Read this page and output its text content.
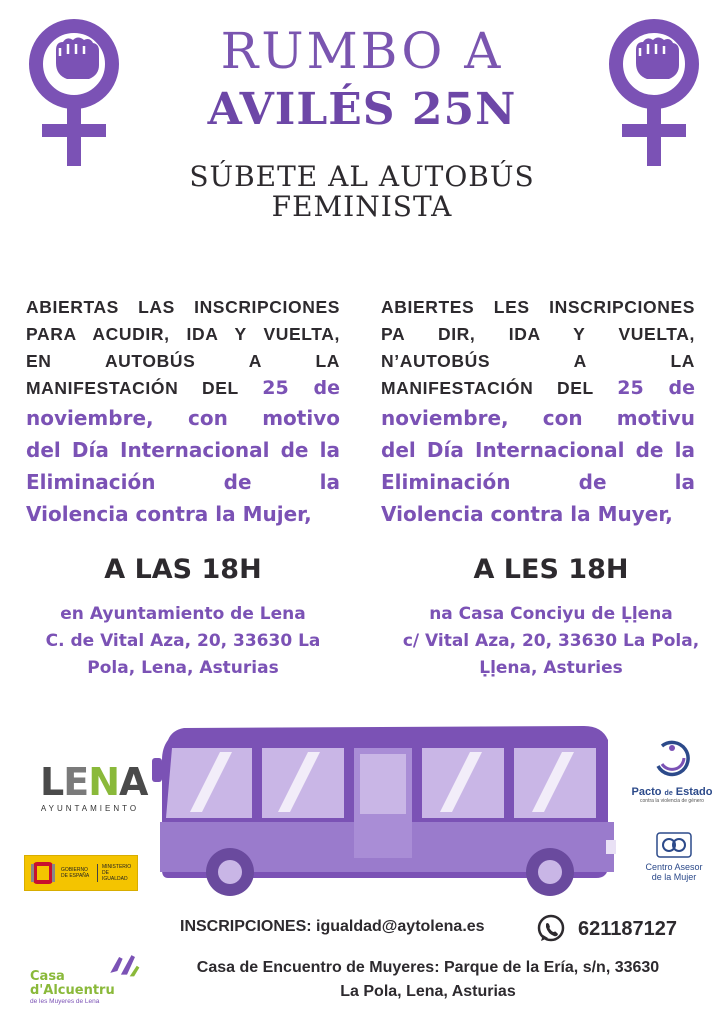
RUMBO A
AVILÉS 25N
SÚBETE AL AUTOBÚS
FEMINISTA
ABIERTAS LAS INSCRIPCIONES
PARA ACUDIR, IDA Y VUELTA,
EN AUTOBÚS A LA
MANIFESTACIÓN DEL 25 de
noviembre, con motivo
del Día Internacional de la
Eliminación de la
Violencia contra la Mujer,
A LAS 18H
en Ayuntamiento de Lena
C. de Vital Aza, 20, 33630 La
Pola, Lena, Asturias
ABIERTES LES INSCRIPCIONES
PA DIR, IDA Y VUELTA,
N’AUTOBÚS A LA
MANIFESTACIÓN DEL 25 de
noviembre, con motivu
del Día Internacional de la
Eliminación de la
Violencia contra la Muyer,
A LES 18H
na Casa Conciyu de Ḷḷena
c/ Vital Aza, 20, 33630 La Pola,
Ḷḷena, Asturies
LENA
AYUNTAMIENTO
GOBIERNO DE ESPAÑA
MINISTERIO DE IGUALDAD
Pacto de Estado
contra la violencia de género
Centro Asesor
de la Mujer
Casa
d'Alcuentru
de les Muyeres de Lena
INSCRIPCIONES: igualdad@aytolena.es	621187127
Casa de Encuentro de Muyeres: Parque de la Ería, s/n, 33630
La Pola, Lena, Asturias
